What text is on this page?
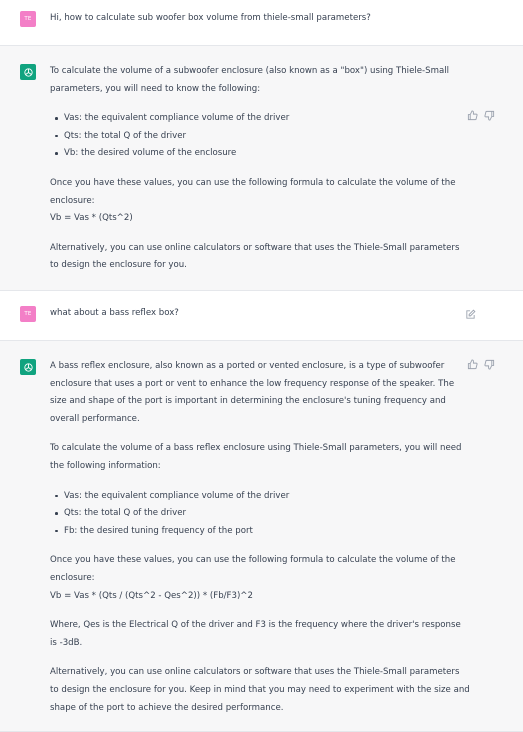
TE Hi, how to calculate sub woofer box volume from thiele-small parameters?

To calculate the volume of a subwoofer enclosure (also known as a "box") using Thiele-Small parameters, you will need to know the following:

Vas: the equivalent compliance volume of the driver
Qts: the total Q of the driver
Vb: the desired volume of the enclosure

Once you have these values, you can use the following formula to calculate the volume of the enclosure:

Vb = Vas * (Qts^2)

Alternatively, you can use online calculators or software that uses the Thiele-Small parameters to design the enclosure for you.

TE what about a bass reflex box?

A bass reflex enclosure, also known as a ported or vented enclosure, is a type of subwoofer enclosure that uses a port or vent to enhance the low frequency response of the speaker. The size and shape of the port is important in determining the enclosure's tuning frequency and overall performance.

To calculate the volume of a bass reflex enclosure using Thiele-Small parameters, you will need the following information:

Vas: the equivalent compliance volume of the driver
Qts: the total Q of the driver
Fb: the desired tuning frequency of the port

Once you have these values, you can use the following formula to calculate the volume of the enclosure:

Vb = Vas * (Qts / (Qts^2 - Qes^2)) * (Fb/F3)^2

Where, Qes is the Electrical Q of the driver and F3 is the frequency where the driver's response is -3dB.

Alternatively, you can use online calculators or software that uses the Thiele-Small parameters to design the enclosure for you. Keep in mind that you may need to experiment with the size and shape of the port to achieve the desired performance.
